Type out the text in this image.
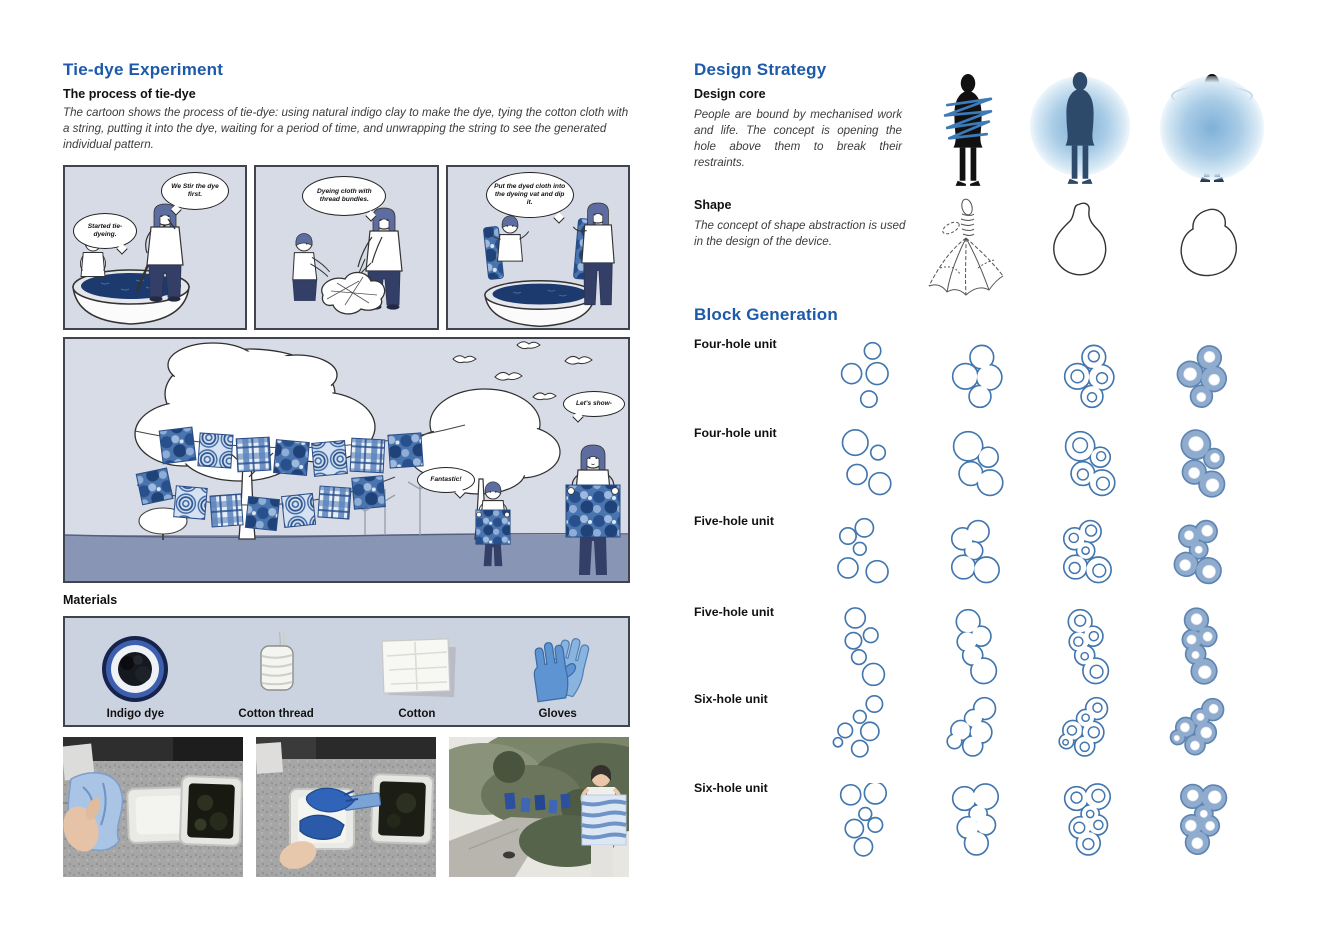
Tie-dye Experiment
The process of tie-dye
The cartoon shows the process of tie-dye: using natural indigo clay to make the dye, tying the cotton cloth with a string, putting it into the dye, waiting for a period of time, and unwrapping the string to see the generated individual pattern.
Started tie-dyeing.
We Stir the dye first.	Dyeing cloth with thread bundles.
Put the dyed cloth into the dyeing vat and dip it.
Fantastic!
Let's show-
Materials
Indigo dye	Cotton thread	Cotton	Gloves
Design Strategy
Design core
People are bound by mechanised work and life. The concept is opening the hole above them to break their restraints.
Shape
The concept of shape abstraction is used in the design of the device.
Block Generation
Four-hole unit
Four-hole unit
Five-hole unit
Five-hole unit
Six-hole unit
Six-hole unit
